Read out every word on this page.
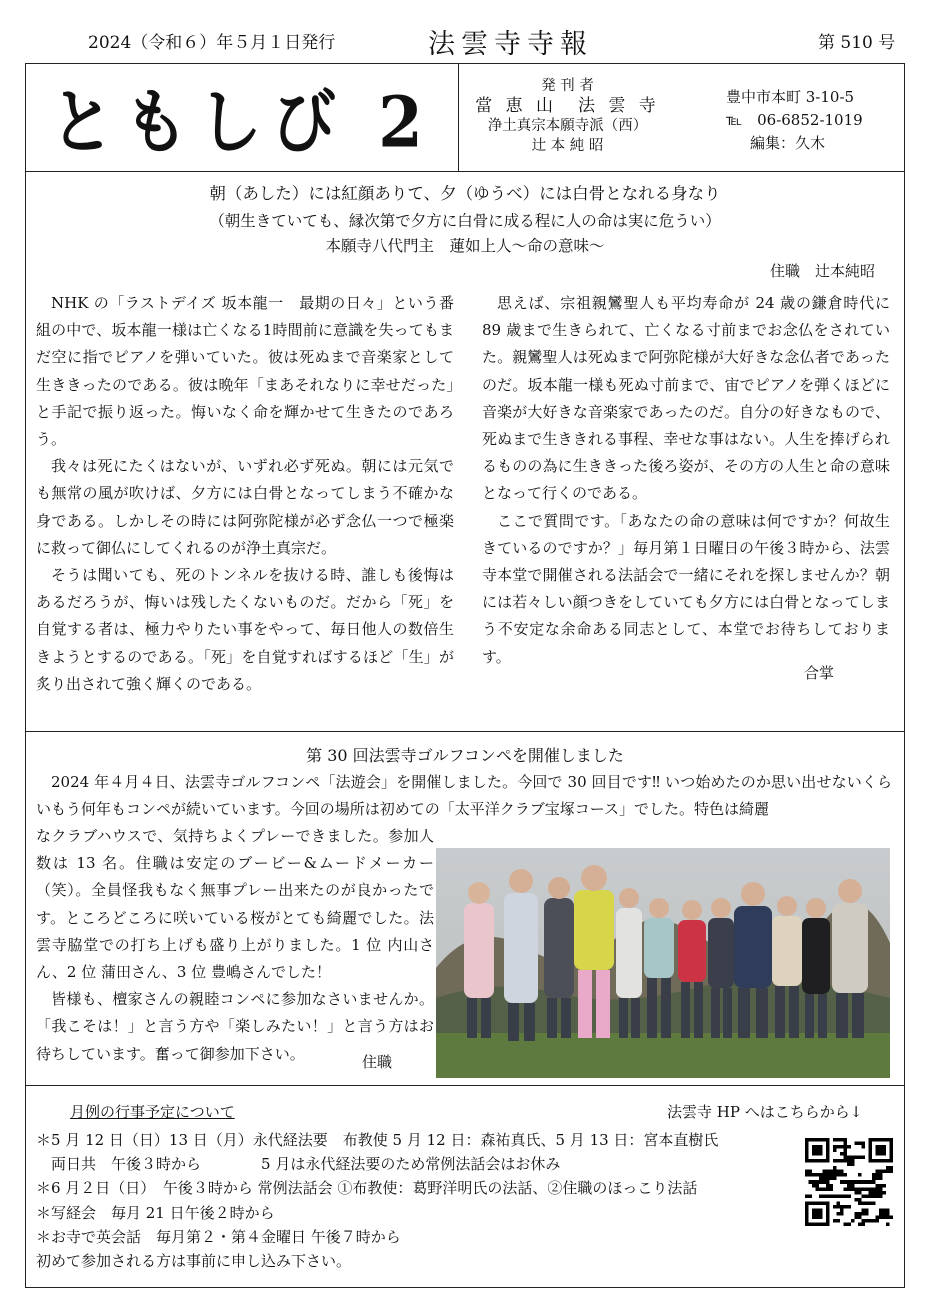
2024（令和６）年５月１日発行	法雲寺寺報	第 510 号
ともしび 2	発 刊 者
當 恵 山　法 雲 寺
浄土真宗本願寺派（西）
辻 本 純 昭
豊中市本町 3-10-5
℡　06-6852-1019
編集：久木
朝（あした）には紅顔ありて、夕（ゆうべ）には白骨となれる身なり
（朝生きていても、縁次第で夕方に白骨に成る程に人の命は実に危うい）
本願寺八代門主　蓮如上人～命の意味～
住職　辻本純昭

NHK の「ラストデイズ 坂本龍一　最期の日々」という番組の中で、坂本龍一様は亡くなる1時間前に意識を失ってもまだ空に指でピアノを弾いていた。彼は死ぬまで音楽家として生ききったのである。彼は晩年「まあそれなりに幸せだった」と手記で振り返った。悔いなく命を輝かせて生きたのであろう。

我々は死にたくはないが、いずれ必ず死ぬ。朝には元気でも無常の風が吹けば、夕方には白骨となってしまう不確かな身である。しかしその時には阿弥陀様が必ず念仏一つで極楽に救って御仏にしてくれるのが浄土真宗だ。

そうは聞いても、死のトンネルを抜ける時、誰しも後悔はあるだろうが、悔いは残したくないものだ。だから「死」を自覚する者は、極力やりたい事をやって、毎日他人の数倍生きようとするのである。「死」を自覚すればするほど「生」が炙り出されて強く輝くのである。

思えば、宗祖親鸞聖人も平均寿命が 24 歳の鎌倉時代に 89 歳まで生きられて、亡くなる寸前までお念仏をされていた。親鸞聖人は死ぬまで阿弥陀様が大好きな念仏者であったのだ。坂本龍一様も死ぬ寸前まで、宙でピアノを弾くほどに音楽が大好きな音楽家であったのだ。自分の好きなもので、死ぬまで生ききれる事程、幸せな事はない。人生を捧げられるものの為に生ききった後ろ姿が、その方の人生と命の意味となって行くのである。

ここで質問です。「あなたの命の意味は何ですか？何故生きているのですか？」毎月第１日曜日の午後３時から、法雲寺本堂で開催される法話会で一緒にそれを探しませんか？朝には若々しい顔つきをしていても夕方には白骨となってしまう不安定な余命ある同志として、本堂でお待ちしております。

合掌
第 30 回法雲寺ゴルフコンペを開催しました

2024 年４月４日、法雲寺ゴルフコンペ「法遊会」を開催しました。今回で 30 回目です‼ いつ始めたのか思い出せないくらいもう何年もコンペが続いています。今回の場所は初めての「太平洋クラブ宝塚コース」でした。特色は綺麗

なクラブハウスで、気持ちよくプレーできました。参加人数は 13 名。住職は安定のブービー&ムードメーカー（笑）。全員怪我もなく無事プレー出来たのが良かったです。ところどころに咲いている桜がとても綺麗でした。法雲寺脇堂での打ち上げも盛り上がりました。1 位 内山さん、2 位 蒲田さん、3 位 豊嶋さんでした！

皆様も、檀家さんの親睦コンペに参加なさいませんか。「我こそは！」と言う方や「楽しみたい！」と言う方はお待ちしています。奮って御参加下さい。	住職
月例の行事予定について	法雲寺 HP へはこちらから↓
＊5 月 12 日（日）13 日（月）永代経法要　布教使 5 月 12 日：森祐真氏、5 月 13 日：宮本直樹氏
　両日共　午後３時から　　　　5 月は永代経法要のため常例法話会はお休み
＊6 月２日（日）　午後３時から 常例法話会 ①布教使：葛野洋明氏の法話、②住職のほっこり法話
＊写経会　毎月 21 日午後２時から
＊お寺で英会話　毎月第２・第４金曜日 午後７時から
初めて参加される方は事前に申し込み下さい。
